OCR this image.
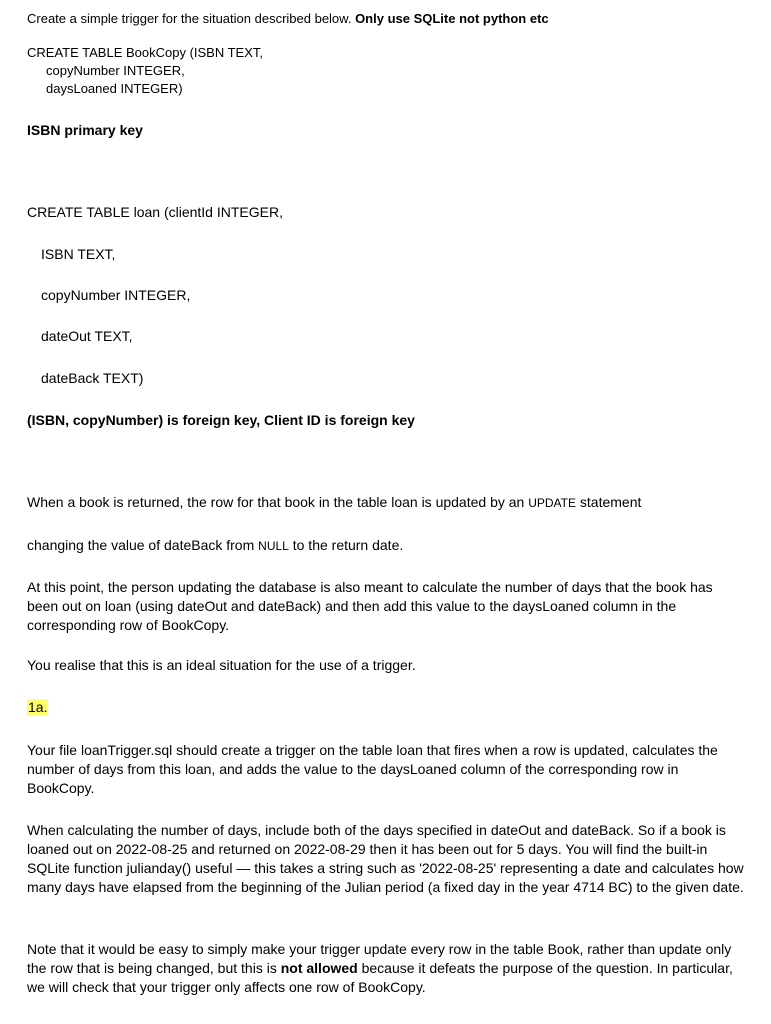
Create a simple trigger for the situation described below. Only use SQLite not python etc

CREATE TABLE BookCopy (ISBN TEXT,

copyNumber INTEGER,

daysLoaned INTEGER)

ISBN primary key

CREATE TABLE loan (clientId INTEGER,

ISBN TEXT,

copyNumber INTEGER,

dateOut TEXT,

dateBack TEXT)

(ISBN, copyNumber) is foreign key, Client ID is foreign key

When a book is returned, the row for that book in the table loan is updated by an UPDATE statement

changing the value of dateBack from NULL to the return date.

At this point, the person updating the database is also meant to calculate the number of days that the book has been out on loan (using dateOut and dateBack) and then add this value to the daysLoaned column in the corresponding row of BookCopy.

You realise that this is an ideal situation for the use of a trigger.

1a.

Your file loanTrigger.sql should create a trigger on the table loan that fires when a row is updated, calculates the number of days from this loan, and adds the value to the daysLoaned column of the corresponding row in BookCopy.

When calculating the number of days, include both of the days specified in dateOut and dateBack. So if a book is loaned out on 2022-08-25 and returned on 2022-08-29 then it has been out for 5 days. You will find the built-in SQLite function julianday() useful — this takes a string such as '2022-08-25' representing a date and calculates how many days have elapsed from the beginning of the Julian period (a fixed day in the year 4714 BC) to the given date.

Note that it would be easy to simply make your trigger update every row in the table Book, rather than update only the row that is being changed, but this is not allowed because it defeats the purpose of the question. In particular, we will check that your trigger only affects one row of BookCopy.
